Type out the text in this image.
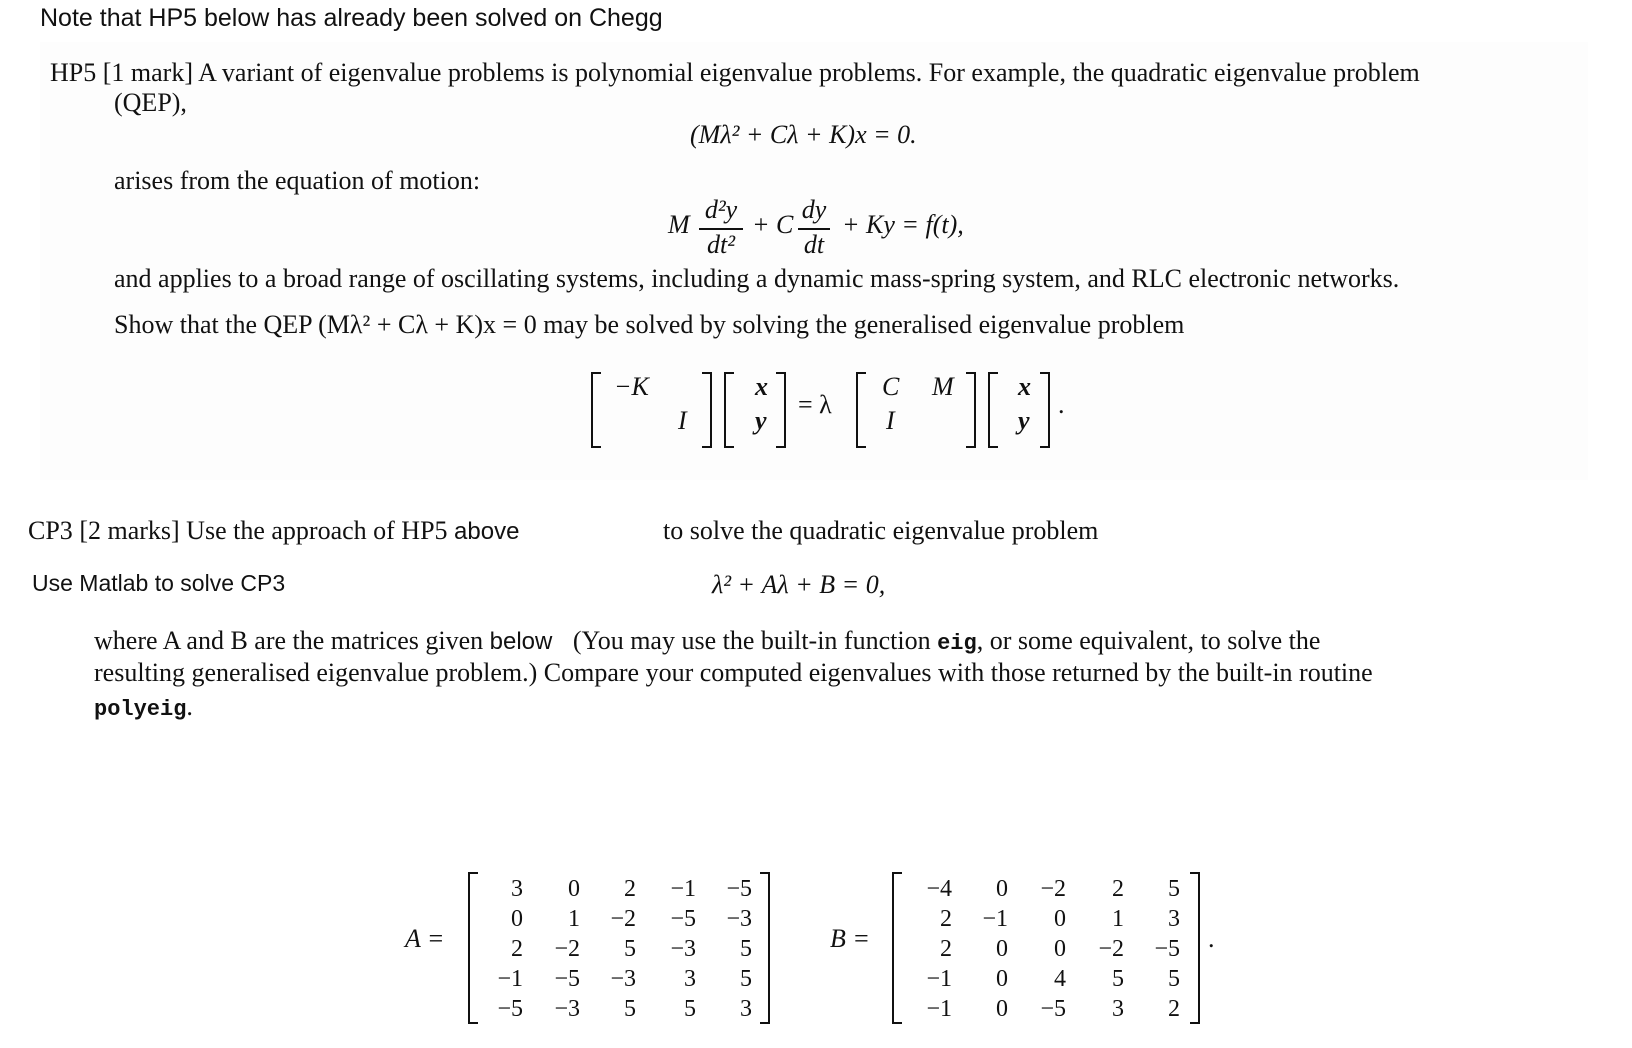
Note that HP5 below has already been solved on Chegg
HP5 [1 mark] A variant of eigenvalue problems is polynomial eigenvalue problems. For example, the quadratic eigenvalue problem
(QEP),
(Mλ² + Cλ + K)x = 0.
arises from the equation of motion:
M
d²y
dt²
+ C
dy
dt
+ Ky = f(t),
and applies to a broad range of oscillating systems, including a dynamic mass-spring system, and RLC electronic networks.
Show that the QEP (Mλ² + Cλ + K)x = 0 may be solved by solving the generalised eigenvalue problem
−K
I
x
y
= λ
C M
I
x
y
.
CP3 [2 marks] Use the approach of HP5 above	to solve the quadratic eigenvalue problem
Use Matlab to solve CP3	λ² + Aλ + B = 0,
where A and B are the matrices given below (You may use the built-in function eig, or some equivalent, to solve the
resulting generalised eigenvalue problem.) Compare your computed eigenvalues with those returned by the built-in routine
polyeig.
A =
3	0	2	−1	−5
0	1	−2	−5	−3
2	−2	5	−3	5
−1	−5	−3	3	5
−5	−3	5	5	3
B =
−4	0	−2	2	5
2	−1	0	1	3
2	0	0	−2	−5
−1	0	4	5	5
−1	0	−5	3	2
.
